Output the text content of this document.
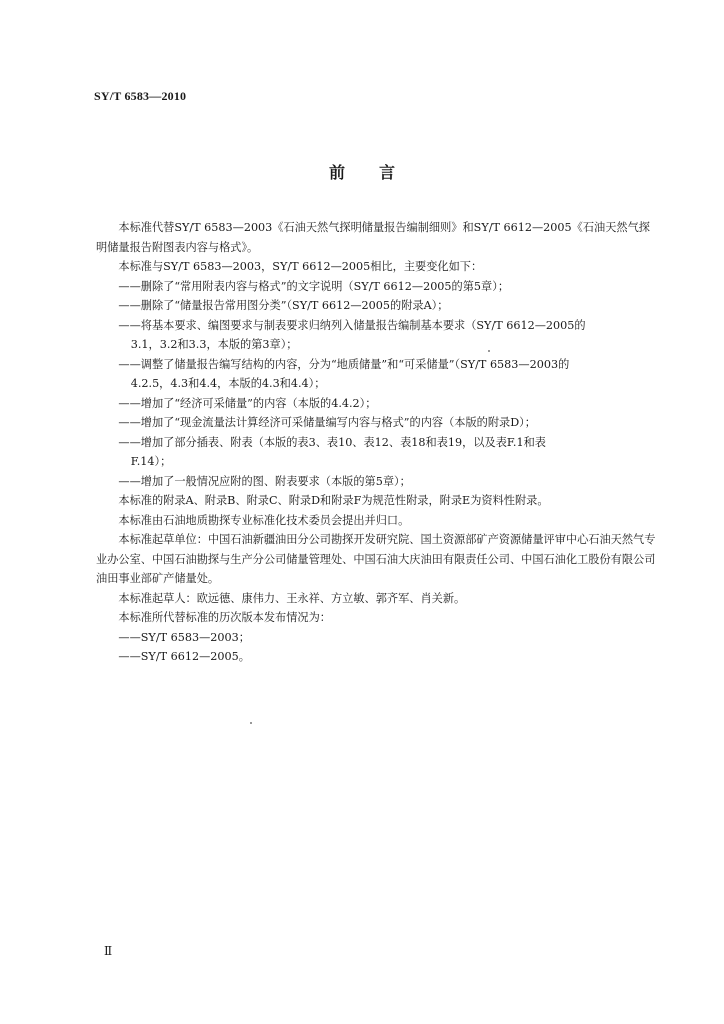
SY/T 6583—2010
前言

本标准代替SY/T 6583—2003《石油天然气探明储量报告编制细则》和SY/T 6612—2005《石油天然气探明储量报告附图表内容与格式》。

本标准与SY/T 6583—2003，SY/T 6612—2005相比，主要变化如下：

——删除了“常用附表内容与格式”的文字说明（SY/T 6612—2005的第5章）；

——删除了“储量报告常用图分类”（SY/T 6612—2005的附录A）；

——将基本要求、编图要求与制表要求归纳列入储量报告编制基本要求（SY/T 6612—2005的

3.1，3.2和3.3，本版的第3章）；

——调整了储量报告编写结构的内容，分为“地质储量”和“可采储量”（SY/T 6583—2003的

4.2.5，4.3和4.4，本版的4.3和4.4）；

——增加了“经济可采储量”的内容（本版的4.4.2）；

——增加了“现金流量法计算经济可采储量编写内容与格式”的内容（本版的附录D）；

——增加了部分插表、附表（本版的表3、表10、表12、表18和表19，以及表F.1和表

F.14）；

——增加了一般情况应附的图、附表要求（本版的第5章）；

本标准的附录A、附录B、附录C、附录D和附录F为规范性附录，附录E为资料性附录。

本标准由石油地质勘探专业标准化技术委员会提出并归口。

本标准起草单位：中国石油新疆油田分公司勘探开发研究院、国土资源部矿产资源储量评审中心石油天然气专业办公室、中国石油勘探与生产分公司储量管理处、中国石油大庆油田有限责任公司、中国石油化工股份有限公司油田事业部矿产储量处。

本标准起草人：欧远德、康伟力、王永祥、方立敏、郭齐军、肖关新。

本标准所代替标准的历次版本发布情况为：

——SY/T 6583—2003；

——SY/T 6612—2005。

Ⅱ
